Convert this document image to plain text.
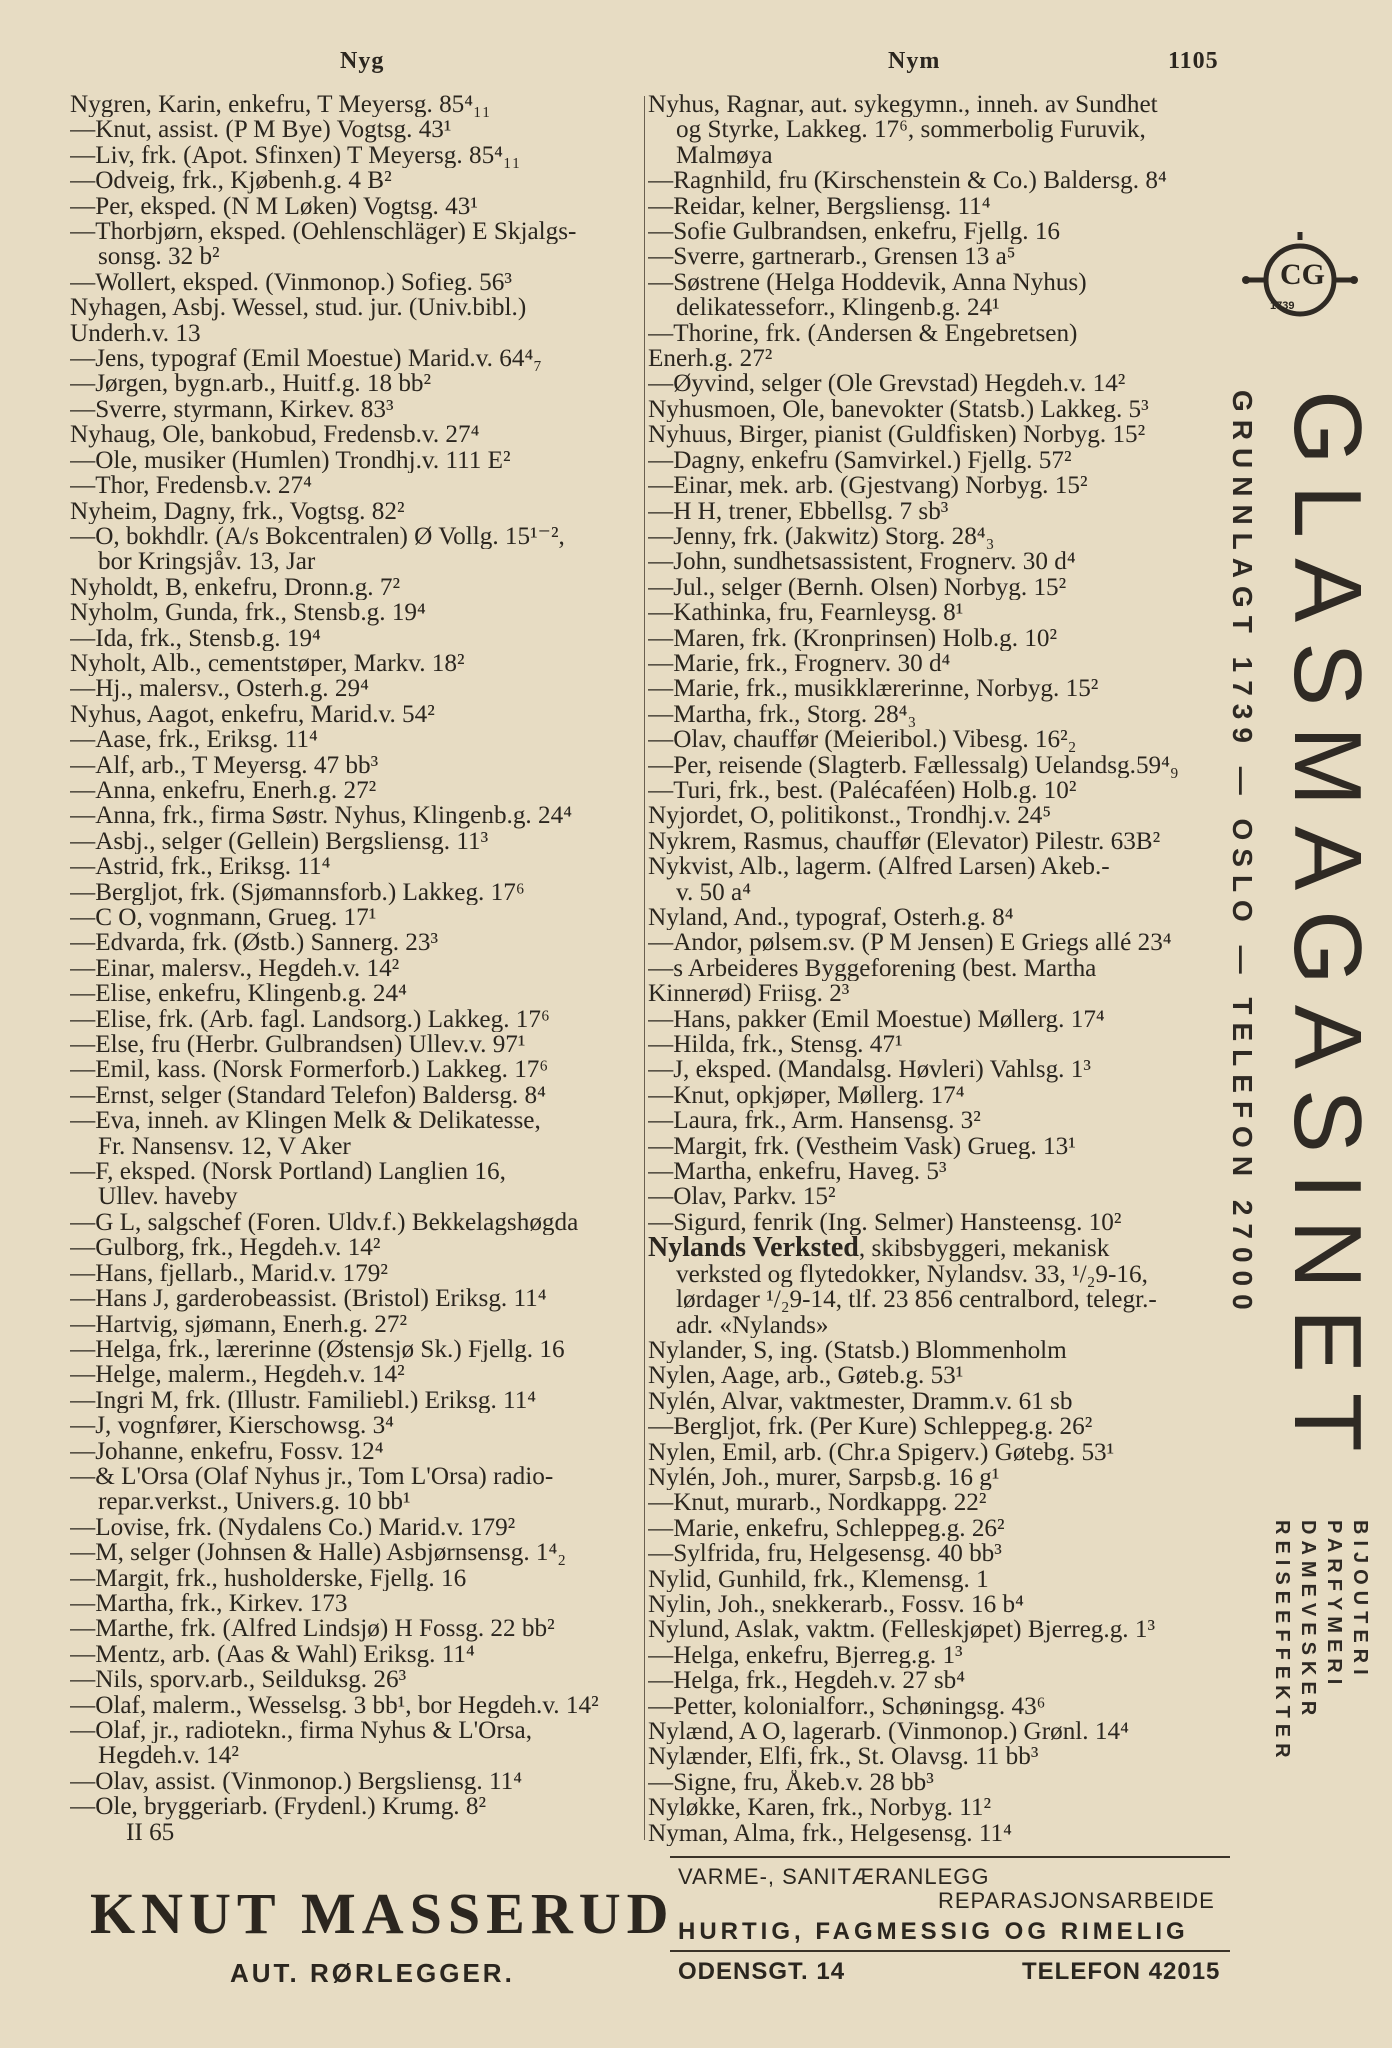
Nyg	Nym	1105
Nygren, Karin, enkefru, T Meyersg. 85⁴₁₁
—Knut, assist. (P M Bye) Vogtsg. 43¹
—Liv, frk. (Apot. Sfinxen) T Meyersg. 85⁴₁₁
—Odveig, frk., Kjøbenh.g. 4 B²
—Per, eksped. (N M Løken) Vogtsg. 43¹
—Thorbjørn, eksped. (Oehlenschläger) E Skjalgs-
sonsg. 32 b²
—Wollert, eksped. (Vinmonop.) Sofieg. 56³
Nyhagen, Asbj. Wessel, stud. jur. (Univ.bibl.)
Underh.v. 13
—Jens, typograf (Emil Moestue) Marid.v. 64⁴₇
—Jørgen, bygn.arb., Huitf.g. 18 bb²
—Sverre, styrmann, Kirkev. 83³
Nyhaug, Ole, bankobud, Fredensb.v. 27⁴
—Ole, musiker (Humlen) Trondhj.v. 111 E²
—Thor, Fredensb.v. 27⁴
Nyheim, Dagny, frk., Vogtsg. 82²
—O, bokhdlr. (A/s Bokcentralen) Ø Vollg. 15¹⁻²,
bor Kringsjåv. 13, Jar
Nyholdt, B, enkefru, Dronn.g. 7²
Nyholm, Gunda, frk., Stensb.g. 19⁴
—Ida, frk., Stensb.g. 19⁴
Nyholt, Alb., cementstøper, Markv. 18²
—Hj., malersv., Osterh.g. 29⁴
Nyhus, Aagot, enkefru, Marid.v. 54²
—Aase, frk., Eriksg. 11⁴
—Alf, arb., T Meyersg. 47 bb³
—Anna, enkefru, Enerh.g. 27²
—Anna, frk., firma Søstr. Nyhus, Klingenb.g. 24⁴
—Asbj., selger (Gellein) Bergsliensg. 11³
—Astrid, frk., Eriksg. 11⁴
—Bergljot, frk. (Sjømannsforb.) Lakkeg. 17⁶
—C O, vognmann, Grueg. 17¹
—Edvarda, frk. (Østb.) Sannerg. 23³
—Einar, malersv., Hegdeh.v. 14²
—Elise, enkefru, Klingenb.g. 24⁴
—Elise, frk. (Arb. fagl. Landsorg.) Lakkeg. 17⁶
—Else, fru (Herbr. Gulbrandsen) Ullev.v. 97¹
—Emil, kass. (Norsk Formerforb.) Lakkeg. 17⁶
—Ernst, selger (Standard Telefon) Baldersg. 8⁴
—Eva, inneh. av Klingen Melk & Delikatesse,
Fr. Nansensv. 12, V Aker
—F, eksped. (Norsk Portland) Langlien 16,
Ullev. haveby
—G L, salgschef (Foren. Uldv.f.) Bekkelagshøgda
—Gulborg, frk., Hegdeh.v. 14²
—Hans, fjellarb., Marid.v. 179²
—Hans J, garderobeassist. (Bristol) Eriksg. 11⁴
—Hartvig, sjømann, Enerh.g. 27²
—Helga, frk., lærerinne (Østensjø Sk.) Fjellg. 16
—Helge, malerm., Hegdeh.v. 14²
—Ingri M, frk. (Illustr. Familiebl.) Eriksg. 11⁴
—J, vognfører, Kierschowsg. 3⁴
—Johanne, enkefru, Fossv. 12⁴
—& L'Orsa (Olaf Nyhus jr., Tom L'Orsa) radio-
repar.verkst., Univers.g. 10 bb¹
—Lovise, frk. (Nydalens Co.) Marid.v. 179²
—M, selger (Johnsen & Halle) Asbjørnsensg. 1⁴₂
—Margit, frk., husholderske, Fjellg. 16
—Martha, frk., Kirkev. 173
—Marthe, frk. (Alfred Lindsjø) H Fossg. 22 bb²
—Mentz, arb. (Aas & Wahl) Eriksg. 11⁴
—Nils, sporv.arb., Seilduksg. 26³
—Olaf, malerm., Wesselsg. 3 bb¹, bor Hegdeh.v. 14²
—Olaf, jr., radiotekn., firma Nyhus & L'Orsa,
Hegdeh.v. 14²
—Olav, assist. (Vinmonop.) Bergsliensg. 11⁴
—Ole, bryggeriarb. (Frydenl.) Krumg. 8²
II 65
Nyhus, Ragnar, aut. sykegymn., inneh. av Sundhet
og Styrke, Lakkeg. 17⁶, sommerbolig Furuvik,
Malmøya
—Ragnhild, fru (Kirschenstein & Co.) Baldersg. 8⁴
—Reidar, kelner, Bergsliensg. 11⁴
—Sofie Gulbrandsen, enkefru, Fjellg. 16
—Sverre, gartnerarb., Grensen 13 a⁵
—Søstrene (Helga Hoddevik, Anna Nyhus)
delikatesseforr., Klingenb.g. 24¹
—Thorine, frk. (Andersen & Engebretsen)
Enerh.g. 27²
—Øyvind, selger (Ole Grevstad) Hegdeh.v. 14²
Nyhusmoen, Ole, banevokter (Statsb.) Lakkeg. 5³
Nyhuus, Birger, pianist (Guldfisken) Norbyg. 15²
—Dagny, enkefru (Samvirkel.) Fjellg. 57²
—Einar, mek. arb. (Gjestvang) Norbyg. 15²
—H H, trener, Ebbellsg. 7 sb³
—Jenny, frk. (Jakwitz) Storg. 28⁴₃
—John, sundhetsassistent, Frognerv. 30 d⁴
—Jul., selger (Bernh. Olsen) Norbyg. 15²
—Kathinka, fru, Fearnleysg. 8¹
—Maren, frk. (Kronprinsen) Holb.g. 10²
—Marie, frk., Frognerv. 30 d⁴
—Marie, frk., musikklærerinne, Norbyg. 15²
—Martha, frk., Storg. 28⁴₃
—Olav, chauffør (Meieribol.) Vibesg. 16²₂
—Per, reisende (Slagterb. Fællessalg) Uelandsg.59⁴₉
—Turi, frk., best. (Palécaféen) Holb.g. 10²
Nyjordet, O, politikonst., Trondhj.v. 24⁵
Nykrem, Rasmus, chauffør (Elevator) Pilestr. 63B²
Nykvist, Alb., lagerm. (Alfred Larsen) Akeb.-
v. 50 a⁴
Nyland, And., typograf, Osterh.g. 8⁴
—Andor, pølsem.sv. (P M Jensen) E Griegs allé 23⁴
—s Arbeideres Byggeforening (best. Martha
Kinnerød) Friisg. 2³
—Hans, pakker (Emil Moestue) Møllerg. 17⁴
—Hilda, frk., Stensg. 47¹
—J, eksped. (Mandalsg. Høvleri) Vahlsg. 1³
—Knut, opkjøper, Møllerg. 17⁴
—Laura, frk., Arm. Hansensg. 3²
—Margit, frk. (Vestheim Vask) Grueg. 13¹
—Martha, enkefru, Haveg. 5³
—Olav, Parkv. 15²
—Sigurd, fenrik (Ing. Selmer) Hansteensg. 10²
Nylands Verksted, skibsbyggeri, mekanisk
verksted og flytedokker, Nylandsv. 33, ¹/₂9-16,
lørdager ¹/₂9-14, tlf. 23 856 centralbord, telegr.-
adr. «Nylands»
Nylander, S, ing. (Statsb.) Blommenholm
Nylen, Aage, arb., Gøteb.g. 53¹
Nylén, Alvar, vaktmester, Dramm.v. 61 sb
—Bergljot, frk. (Per Kure) Schleppeg.g. 26²
Nylen, Emil, arb. (Chr.a Spigerv.) Gøtebg. 53¹
Nylén, Joh., murer, Sarpsb.g. 16 g¹
—Knut, murarb., Nordkappg. 22²
—Marie, enkefru, Schleppeg.g. 26²
—Sylfrida, fru, Helgesensg. 40 bb³
Nylid, Gunhild, frk., Klemensg. 1
Nylin, Joh., snekkerarb., Fossv. 16 b⁴
Nylund, Aslak, vaktm. (Felleskjøpet) Bjerreg.g. 1³
—Helga, enkefru, Bjerreg.g. 1³
—Helga, frk., Hegdeh.v. 27 sb⁴
—Petter, kolonialforr., Schøningsg. 43⁶
Nylænd, A O, lagerarb. (Vinmonop.) Grønl. 14⁴
Nylænder, Elfi, frk., St. Olavsg. 11 bb³
—Signe, fru, Åkeb.v. 28 bb³
Nyløkke, Karen, frk., Norbyg. 11²
Nyman, Alma, frk., Helgesensg. 11⁴
CG
1739
GLASMAGASINET
GRUNNLAGT 1739 — OSLO — TELEFON 27000
BIJOUTERI
PARFYMERI
DAMEVESKER
REISEEFFEKTER
KNUT MASSERUD
AUT. RØRLEGGER.
VARME-, SANITÆRANLEGG
REPARASJONSARBEIDE
HURTIG, FAGMESSIG OG RIMELIG
ODENSGT. 14	TELEFON 42015
